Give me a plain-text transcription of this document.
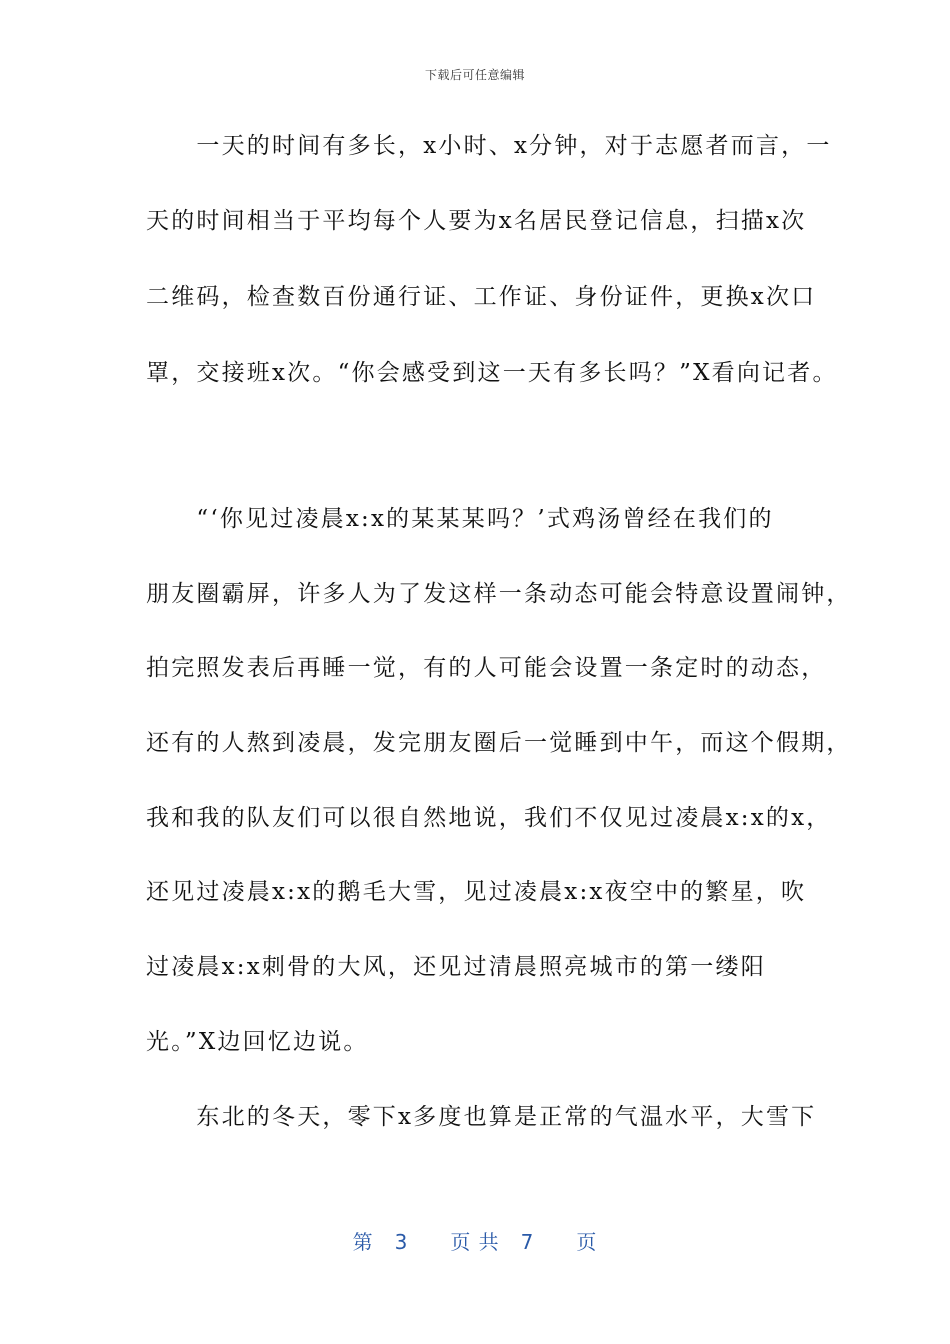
下载后可任意编辑
　　一天的时间有多长，x小时、x分钟，对于志愿者而言，一
天的时间相当于平均每个人要为x名居民登记信息，扫描x次
二维码，检查数百份通行证、工作证、身份证件，更换x次口
罩，交接班x次。“你会感受到这一天有多长吗？”X看向记者。
　　“‘你见过凌晨x:x的某某某吗？’式鸡汤曾经在我们的
朋友圈霸屏，许多人为了发这样一条动态可能会特意设置闹钟，
拍完照发表后再睡一觉，有的人可能会设置一条定时的动态，
还有的人熬到凌晨，发完朋友圈后一觉睡到中午，而这个假期，
我和我的队友们可以很自然地说，我们不仅见过凌晨x:x的x，
还见过凌晨x:x的鹅毛大雪，见过凌晨x:x夜空中的繁星，吹
过凌晨x:x刺骨的大风，还见过清晨照亮城市的第一缕阳
光。”X边回忆边说。
　　东北的冬天，零下x多度也算是正常的气温水平，大雪下
第　3　　页 共　7　　页
